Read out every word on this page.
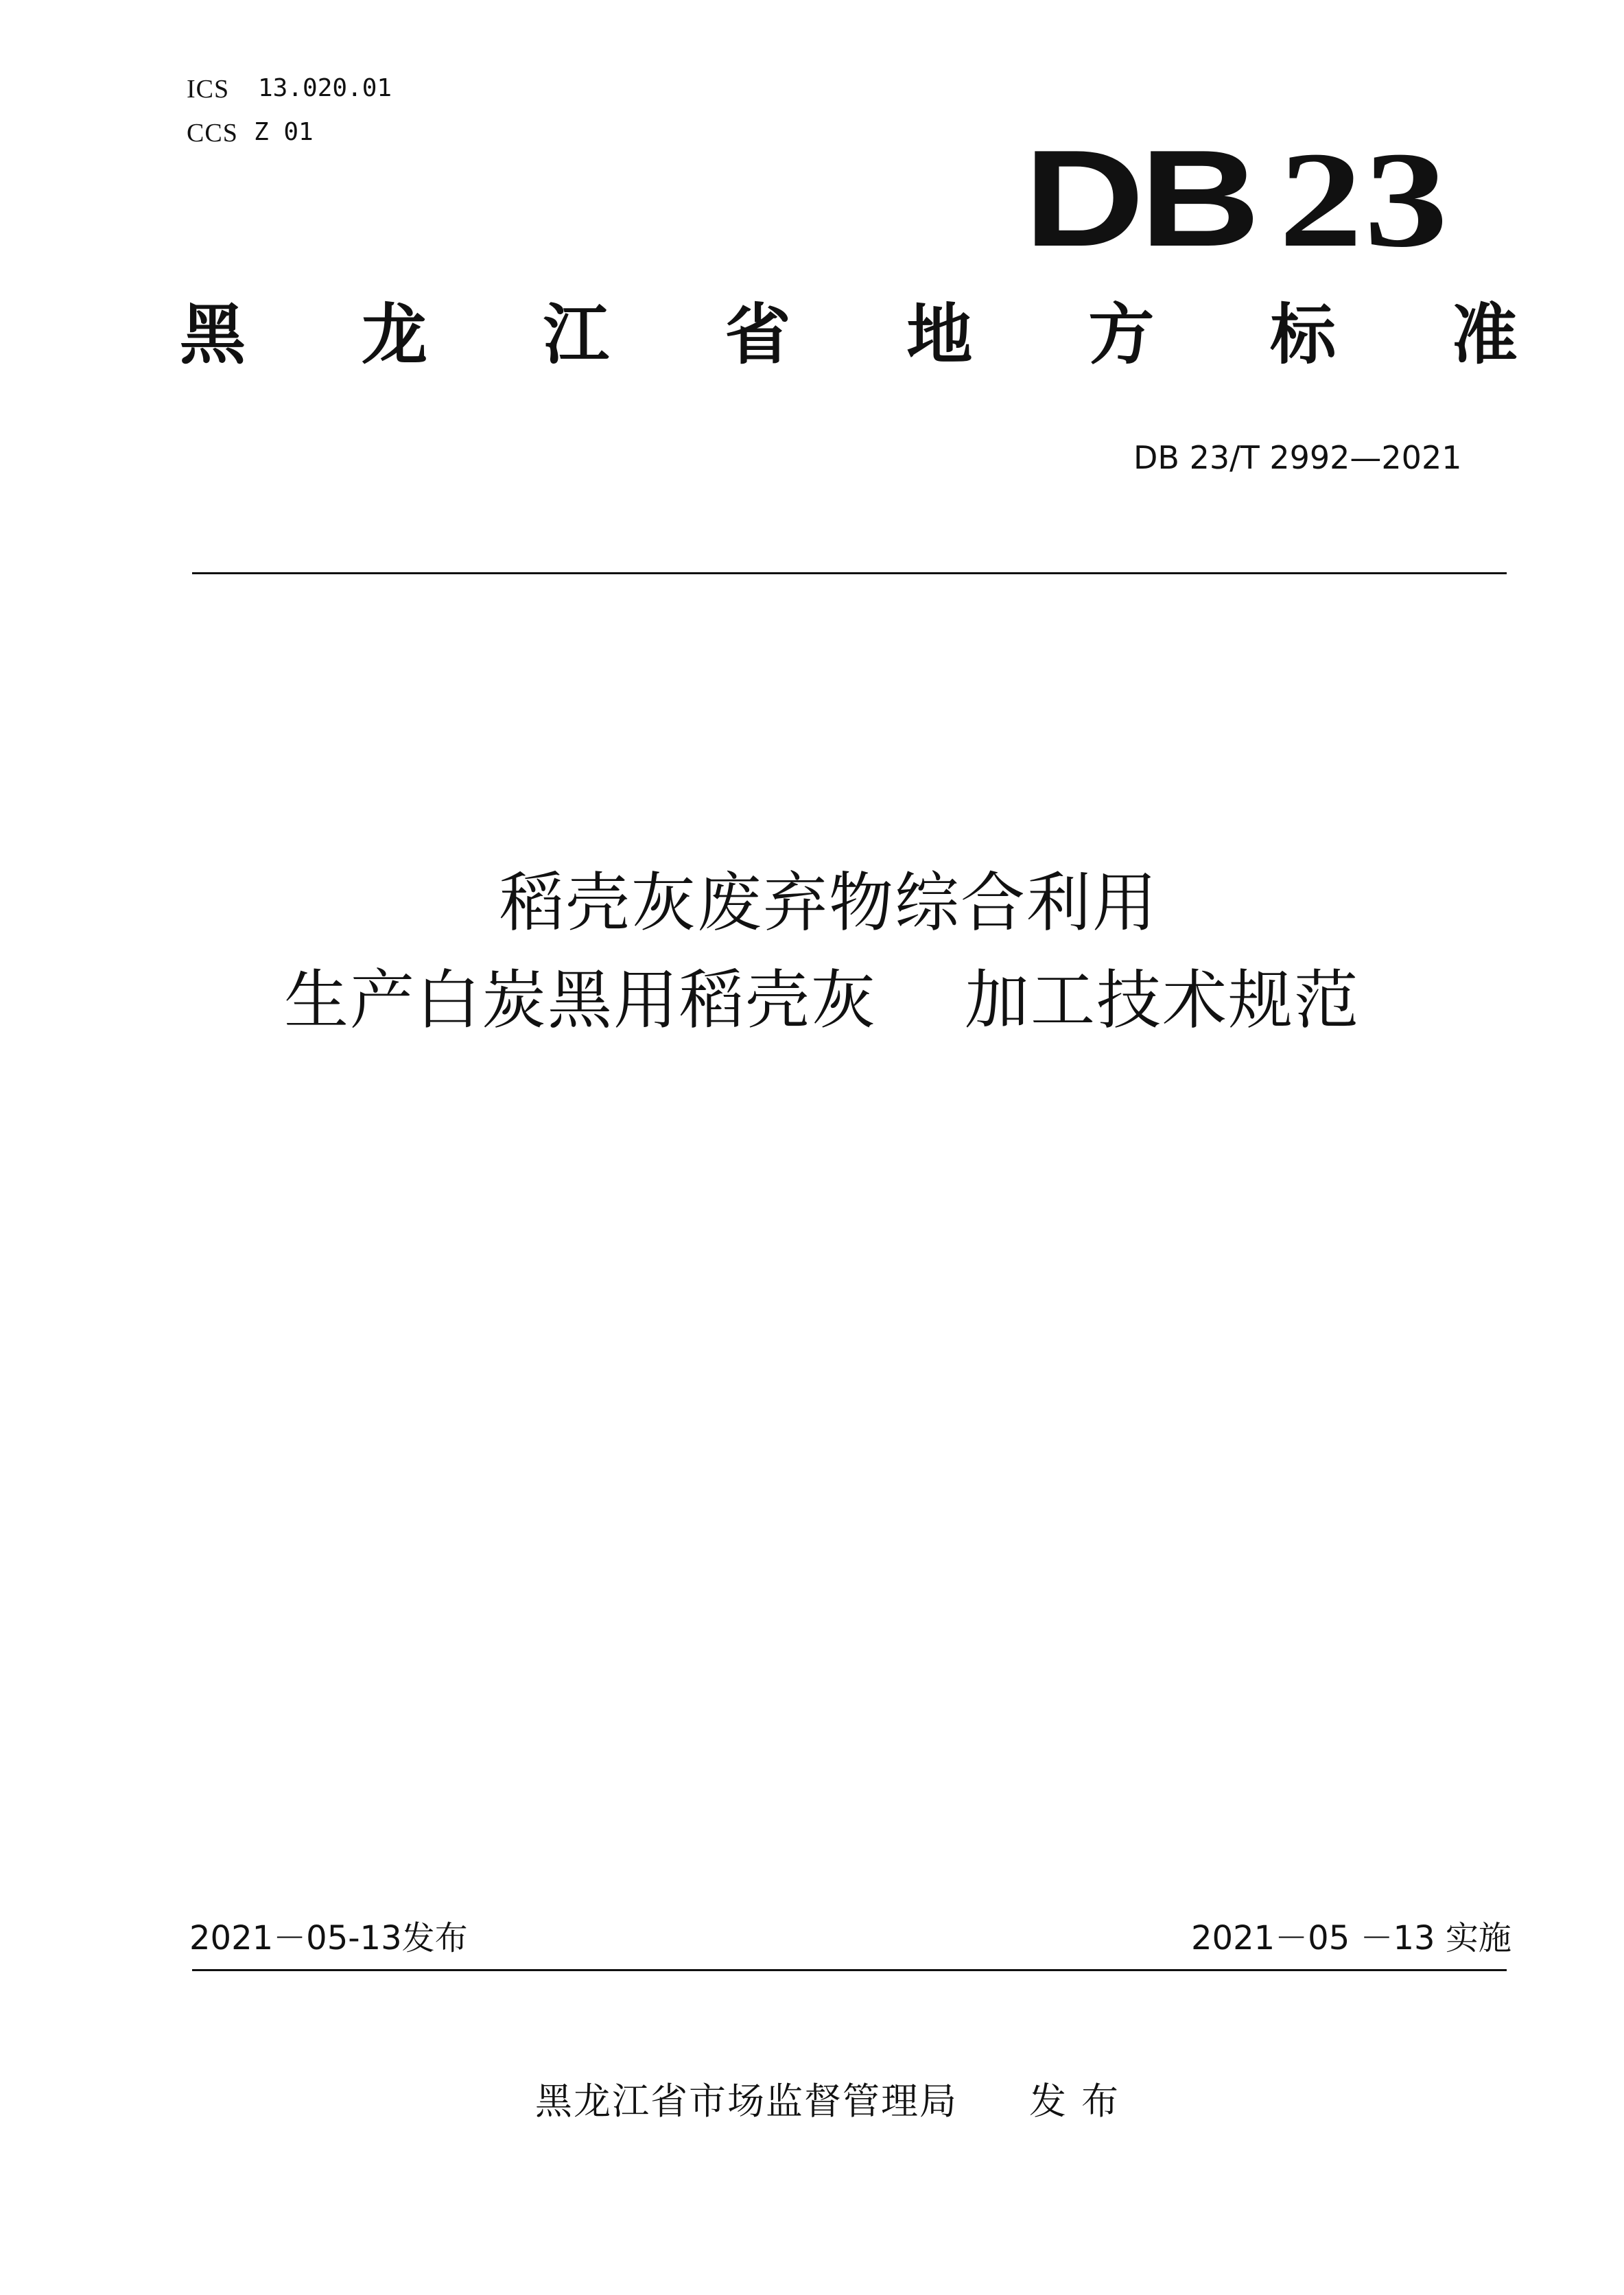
ICS 13.020.01
CCS Z 01	DB 23
黑 龙 江 省 地 方 标 准
DB 23/T 2992—2021
稻壳灰废弃物综合利用
生产白炭黑用稻壳灰 加工技术规范
2021－05-13发布	2021－05 －13 实施
黑龙江省市场监督管理局 发布
